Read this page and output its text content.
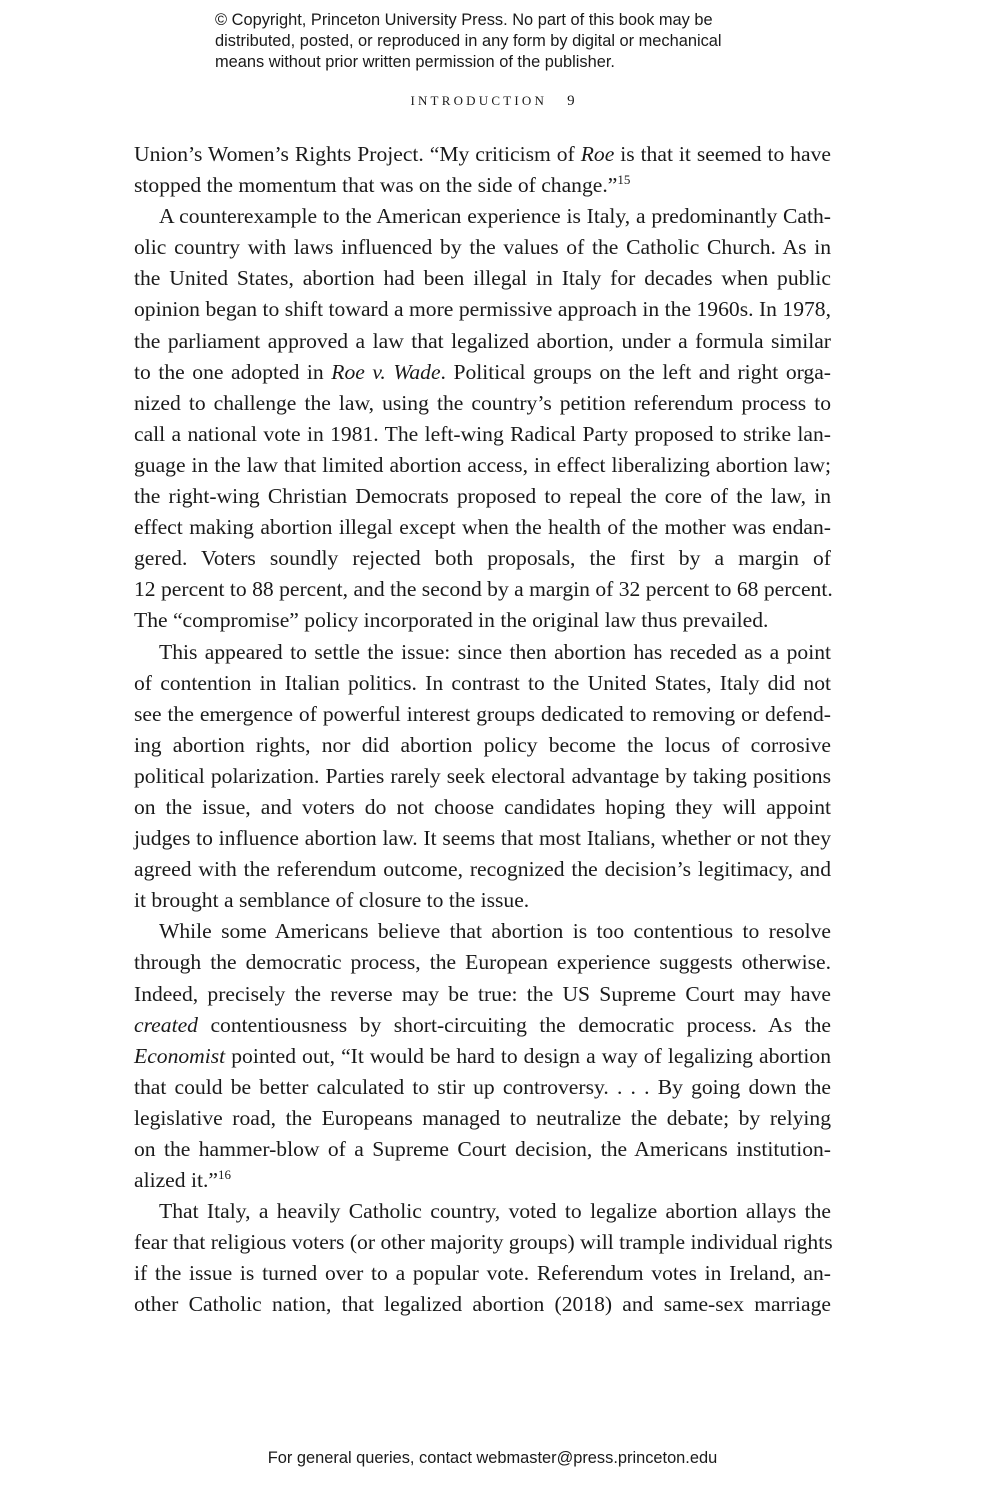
© Copyright, Princeton University Press. No part of this book may be
distributed, posted, or reproduced in any form by digital or mechanical
means without prior written permission of the publisher.
INTRODUCTION 9
Union’s Women’s Rights Project. “My criticism of Roe is that it seemed to have
stopped the momentum that was on the side of change.”$^{15}$
A counterexample to the American experience is Italy, a predominantly Cath-
olic country with laws influenced by the values of the Catholic Church. As in
the United States, abortion had been illegal in Italy for decades when public
opinion began to shift toward a more permissive approach in the 1960s. In 1978,
the parliament approved a law that legalized abortion, under a formula similar
to the one adopted in Roe v. Wade. Political groups on the left and right orga-
nized to challenge the law, using the country’s petition referendum process to
call a national vote in 1981. The left-wing Radical Party proposed to strike lan-
guage in the law that limited abortion access, in effect liberalizing abortion law;
the right-wing Christian Democrats proposed to repeal the core of the law, in
effect making abortion illegal except when the health of the mother was endan-
gered. Voters soundly rejected both proposals, the first by a margin of
12 percent to 88 percent, and the second by a margin of 32 percent to 68 percent.
The “compromise” policy incorporated in the original law thus prevailed.
This appeared to settle the issue: since then abortion has receded as a point
of contention in Italian politics. In contrast to the United States, Italy did not
see the emergence of powerful interest groups dedicated to removing or defend-
ing abortion rights, nor did abortion policy become the locus of corrosive
political polarization. Parties rarely seek electoral advantage by taking positions
on the issue, and voters do not choose candidates hoping they will appoint
judges to influence abortion law. It seems that most Italians, whether or not they
agreed with the referendum outcome, recognized the decision’s legitimacy, and
it brought a semblance of closure to the issue.
While some Americans believe that abortion is too contentious to resolve
through the democratic process, the European experience suggests otherwise.
Indeed, precisely the reverse may be true: the US Supreme Court may have
created contentiousness by short-circuiting the democratic process. As the
Economist pointed out, “It would be hard to design a way of legalizing abortion
that could be better calculated to stir up controversy. . . . By going down the
legislative road, the Europeans managed to neutralize the debate; by relying
on the hammer-blow of a Supreme Court decision, the Americans institution-
alized it.”$^{16}$
That Italy, a heavily Catholic country, voted to legalize abortion allays the
fear that religious voters (or other majority groups) will trample individual rights
if the issue is turned over to a popular vote. Referendum votes in Ireland, an-
other Catholic nation, that legalized abortion (2018) and same-sex marriage
For general queries, contact webmaster@press.princeton.edu
